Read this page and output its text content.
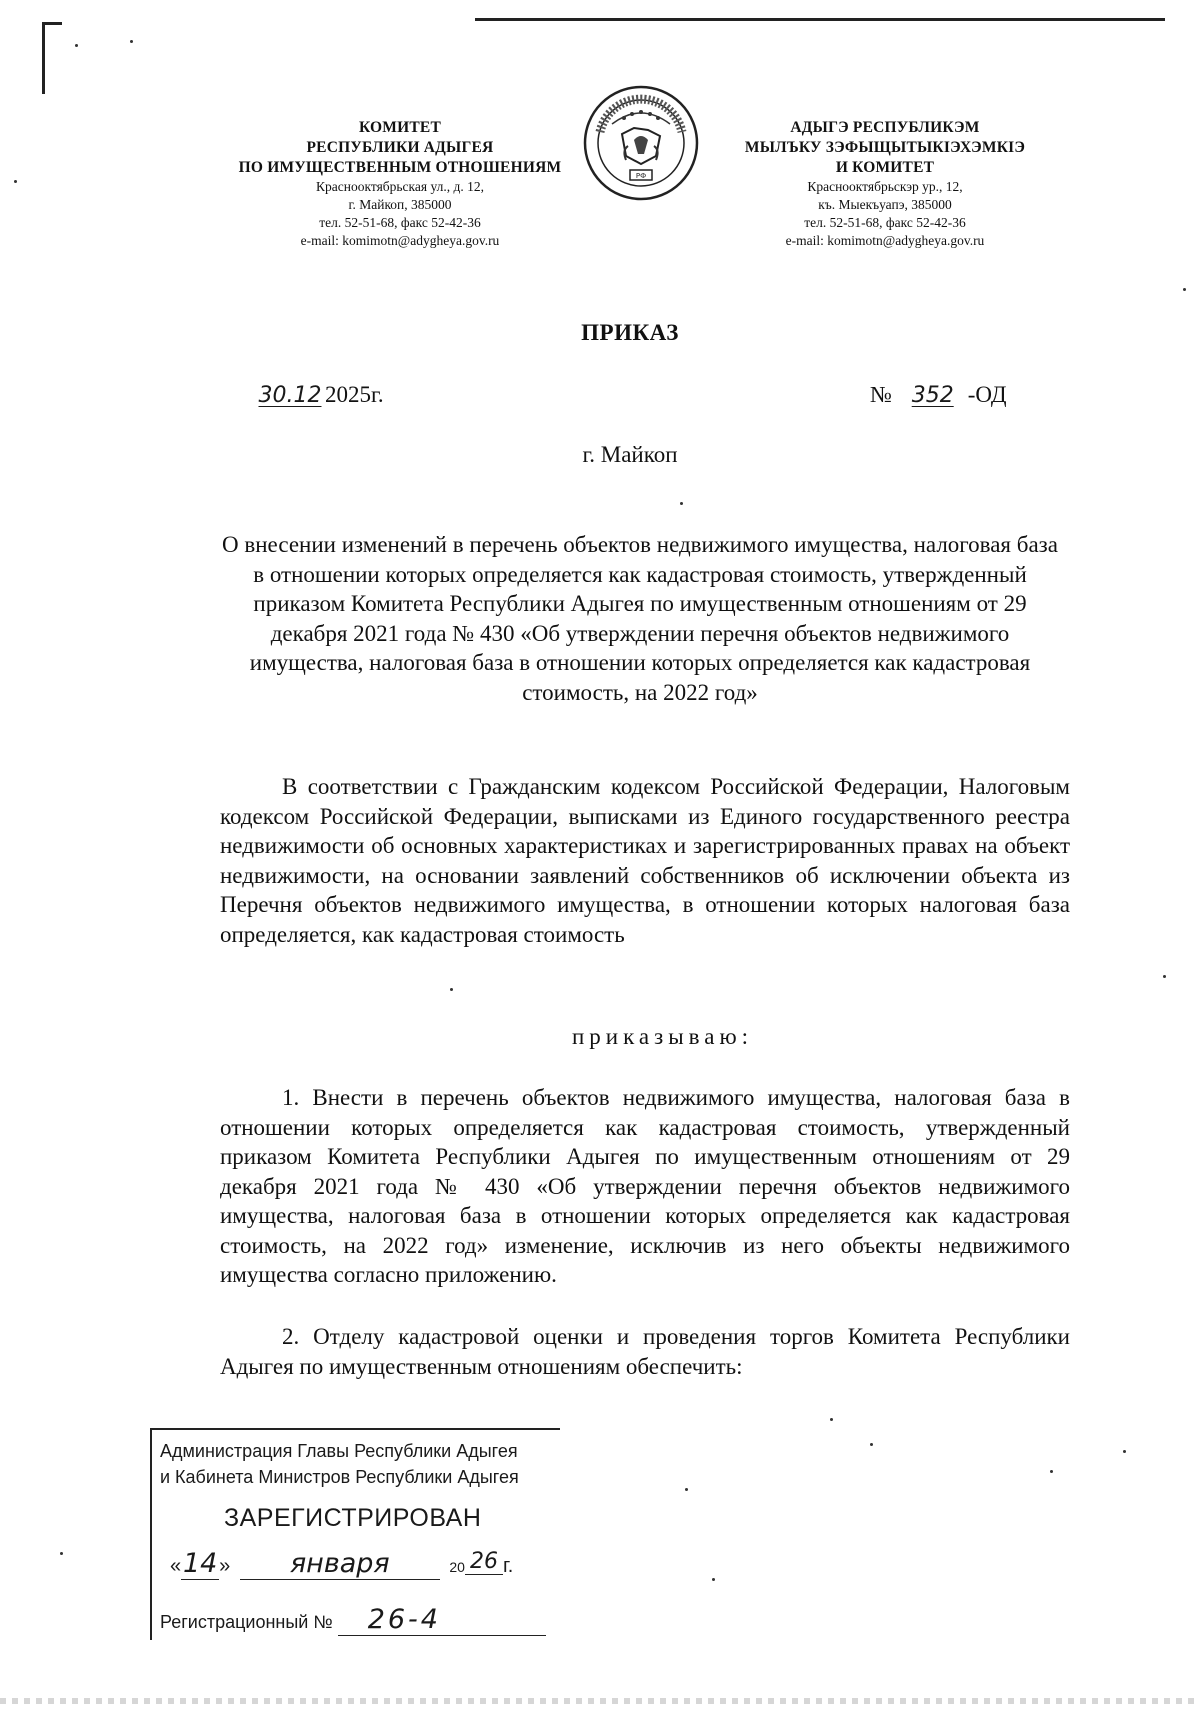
КОМИТЕТ
РЕСПУБЛИКИ АДЫГЕЯ
ПО ИМУЩЕСТВЕННЫМ ОТНОШЕНИЯМ
Краснооктябрьская ул., д. 12,
г. Майкоп, 385000
тел. 52-51-68, факс 52-42-36
e-mail: komimotn@adygheya.gov.ru
РФ
АДЫГЭ РЕСПУБЛИКЭМ
МЫЛЪКУ ЗЭФЫЩЫТЫКІЭХЭМКІЭ
И КОМИТЕТ
Краснооктябрьскэр ур., 12,
къ. Мыекъуапэ, 385000
тел. 52-51-68, факс 52-42-36
e-mail: komimotn@adygheya.gov.ru
ПРИКАЗ
30.12 2025г.	№ 352 -ОД
г. Майкоп
О внесении изменений в перечень объектов недвижимого имущества, налоговая база в отношении которых определяется как кадастровая стоимость, утвержденный приказом Комитета Республики Адыгея по имущественным отношениям от 29 декабря 2021 года № 430 «Об утверждении перечня объектов недвижимого имущества, налоговая база в отношении которых определяется как кадастровая стоимость, на 2022 год»
В соответствии с Гражданским кодексом Российской Федерации, Налоговым кодексом Российской Федерации, выписками из Единого государственного реестра недвижимости об основных характеристиках и зарегистрированных правах на объект недвижимости, на основании заявлений собственников об исключении объекта из Перечня объектов недвижимого имущества, в отношении которых налоговая база определяется, как кадастровая стоимость
приказываю:
1. Внести в перечень объектов недвижимого имущества, налоговая база в отношении которых определяется как кадастровая стоимость, утвержденный приказом Комитета Республики Адыгея по имущественным отношениям от 29 декабря 2021 года № 430 «Об утверждении перечня объектов недвижимого имущества, налоговая база в отношении которых определяется как кадастровая стоимость, на 2022 год» изменение, исключив из него объекты недвижимого имущества согласно приложению.
2. Отделу кадастровой оценки и проведения торгов Комитета Республики Адыгея по имущественным отношениям обеспечить:
Администрация Главы Республики Адыгея
и Кабинета Министров Республики Адыгея
ЗАРЕГИСТРИРОВАН
«14» января	20 26 г.
Регистрационный № 26-4
